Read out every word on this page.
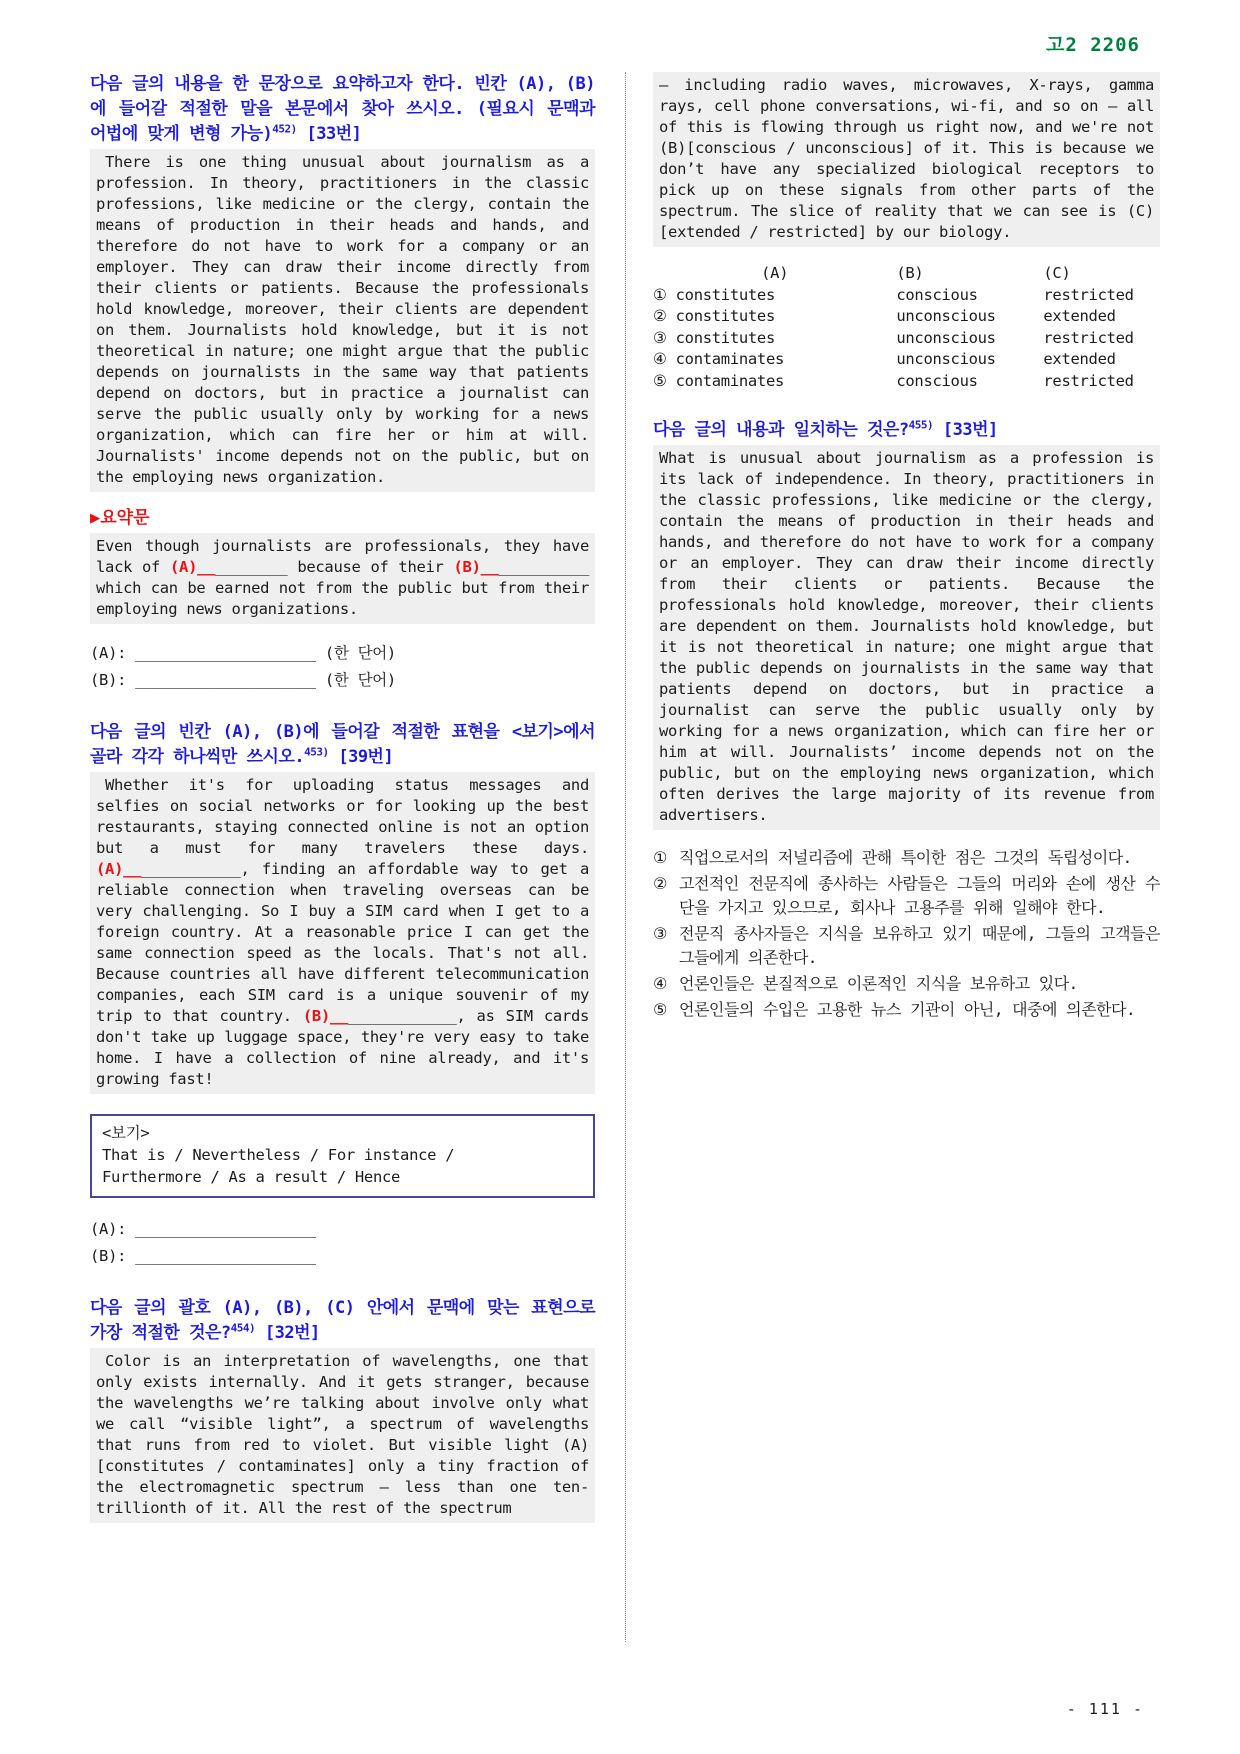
고2 2206
다음 글의 내용을 한 문장으로 요약하고자 한다. 빈칸 (A), (B)에 들어갈 적절한 말을 본문에서 찾아 쓰시오. (필요시 문맥과 어법에 맞게 변형 가능)$^{452)}$ [33번]
There is one thing unusual about journalism as a profession. In theory, practitioners in the classic professions, like medicine or the clergy, contain the means of production in their heads and hands, and therefore do not have to work for a company or an employer. They can draw their income directly from their clients or patients. Because the professionals hold knowledge, moreover, their clients are dependent on them. Journalists hold knowledge, but it is not theoretical in nature; one might argue that the public depends on journalists in the same way that patients depend on doctors, but in practice a journalist can serve the public usually only by working for a news organization, which can fire her or him at will. Journalists' income depends not on the public, but on the employing news organization.
▶요약문
Even though journalists are professionals, they have lack of (A)__________ because of their (B)____________ which can be earned not from the public but from their employing news organizations.
(A): ____________________ (한 단어)
(B): ____________________ (한 단어)
다음 글의 빈칸 (A), (B)에 들어갈 적절한 표현을 <보기>에서 골라 각각 하나씩만 쓰시오.$^{453)}$ [39번]
Whether it's for uploading status messages and selfies on social networks or for looking up the best restaurants, staying connected online is not an option but a must for many travelers these days. (A)_____________, finding an affordable way to get a reliable connection when traveling overseas can be very challenging. So I buy a SIM card when I get to a foreign country. At a reasonable price I can get the same connection speed as the locals. That's not all. Because countries all have different telecommunication companies, each SIM card is a unique souvenir of my trip to that country. (B)______________, as SIM cards don't take up luggage space, they're very easy to take home. I have a collection of nine already, and it's growing fast!
<보기>
That is / Nevertheless / For instance /
Furthermore / As a result / Hence
(A): ____________________
(B): ____________________
다음 글의 괄호 (A), (B), (C) 안에서 문맥에 맞는 표현으로 가장 적절한 것은?$^{454)}$ [32번]
Color is an interpretation of wavelengths, one that only exists internally. And it gets stranger, because the wavelengths we’re talking about involve only what we call “visible light”, a spectrum of wavelengths that runs from red to violet. But visible light (A)[constitutes / contaminates] only a tiny fraction of the electromagnetic spectrum – less than one ten-trillionth of it. All the rest of the spectrum
– including radio waves, microwaves, X-rays, gamma rays, cell phone conversations, wi-fi, and so on – all of this is flowing through us right now, and we're not (B)[conscious / unconscious] of it. This is because we don’t have any specialized biological receptors to pick up on these signals from other parts of the spectrum. The slice of reality that we can see is (C)[extended / restricted] by our biology.
(A)	(B)	(C)
① constitutes	conscious	restricted
② constitutes	unconscious	extended
③ constitutes	unconscious	restricted
④ contaminates	unconscious	extended
⑤ contaminates	conscious	restricted
다음 글의 내용과 일치하는 것은?$^{455)}$ [33번]
What is unusual about journalism as a profession is its lack of independence. In theory, practitioners in the classic professions, like medicine or the clergy, contain the means of production in their heads and hands, and therefore do not have to work for a company or an employer. They can draw their income directly from their clients or patients. Because the professionals hold knowledge, moreover, their clients are dependent on them. Journalists hold knowledge, but it is not theoretical in nature; one might argue that the public depends on journalists in the same way that patients depend on doctors, but in practice a journalist can serve the public usually only by working for a news organization, which can fire her or him at will. Journalists’ income depends not on the public, but on the employing news organization, which often derives the large majority of its revenue from advertisers.
① 직업으로서의 저널리즘에 관해 특이한 점은 그것의 독립성이다.
② 고전적인 전문직에 종사하는 사람들은 그들의 머리와 손에 생산 수단을 가지고 있으므로, 회사나 고용주를 위해 일해야 한다.
③ 전문직 종사자들은 지식을 보유하고 있기 때문에, 그들의 고객들은 그들에게 의존한다.
④ 언론인들은 본질적으로 이론적인 지식을 보유하고 있다.
⑤ 언론인들의 수입은 고용한 뉴스 기관이 아닌, 대중에 의존한다.
- 111 -
